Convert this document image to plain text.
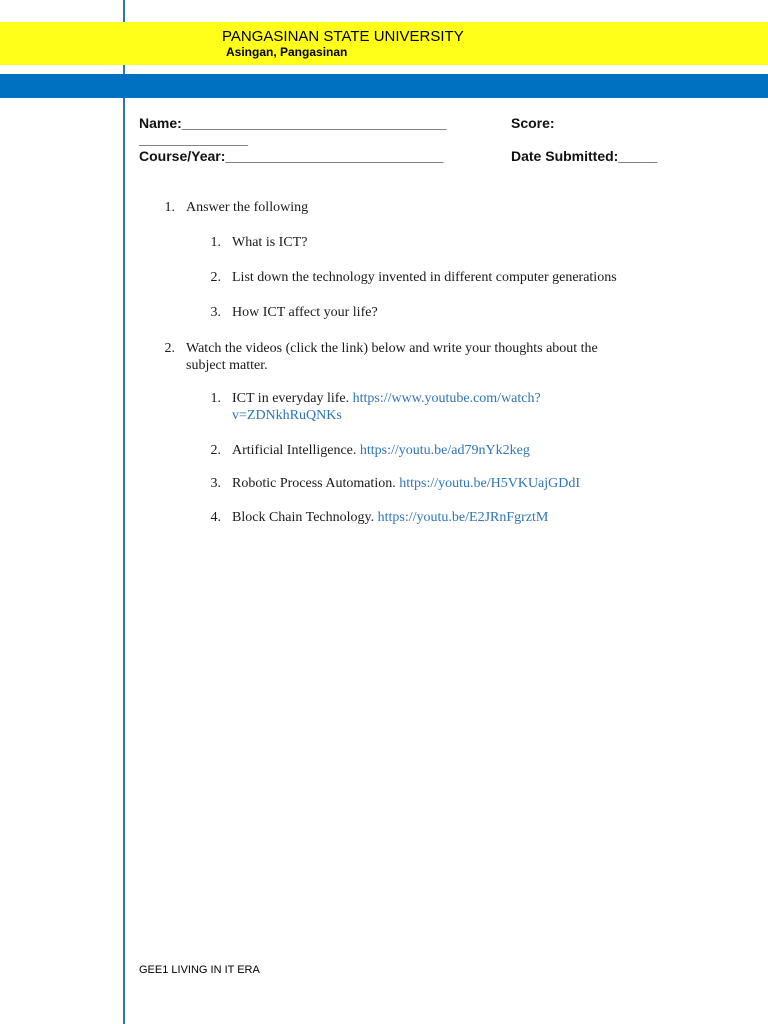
PANGASINAN STATE UNIVERSITY
Asingan, Pangasinan
Name:__________________________________
______________
Course/Year:____________________________
Score:
Date Submitted:_____
1. Answer the following
1. What is ICT?
2. List down the technology invented in different computer generations
3. How ICT affect your life?
2. Watch the videos (click the link) below and write your thoughts about the
subject matter.
1. ICT in everyday life. https://www.youtube.com/watch?
v=ZDNkhRuQNKs
2. Artificial Intelligence. https://youtu.be/ad79nYk2keg
3. Robotic Process Automation. https://youtu.be/H5VKUajGDdI
4. Block Chain Technology. https://youtu.be/E2JRnFgrztM
GEE1 LIVING IN IT ERA
